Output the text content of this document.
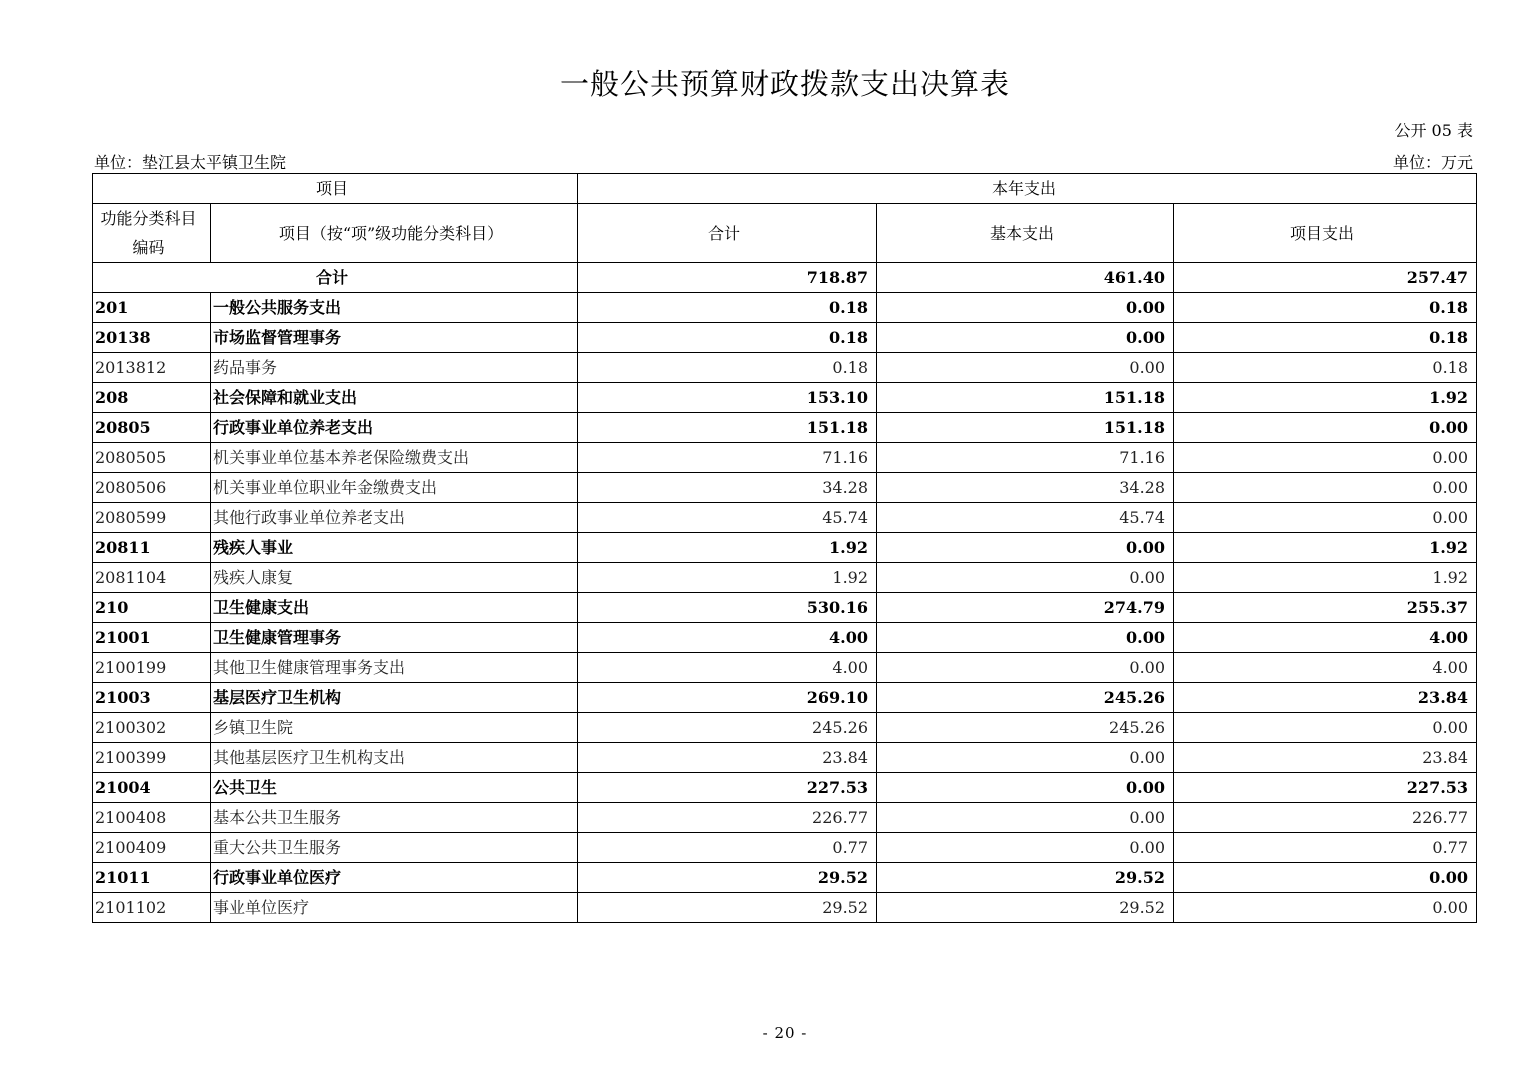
一般公共预算财政拨款支出决算表
公开 05 表
单位：垫江县太平镇卫生院	单位：万元
项目		本年支出		
功能分类科目编码	项目（按“项”级功能分类科目）	合计	基本支出	项目支出
合计		718.87	461.40	257.47
201	一般公共服务支出	0.18	0.00	0.18
20138	市场监督管理事务	0.18	0.00	0.18
2013812	药品事务	0.18	0.00	0.18
208	社会保障和就业支出	153.10	151.18	1.92
20805	行政事业单位养老支出	151.18	151.18	0.00
2080505	机关事业单位基本养老保险缴费支出	71.16	71.16	0.00
2080506	机关事业单位职业年金缴费支出	34.28	34.28	0.00
2080599	其他行政事业单位养老支出	45.74	45.74	0.00
20811	残疾人事业	1.92	0.00	1.92
2081104	残疾人康复	1.92	0.00	1.92
210	卫生健康支出	530.16	274.79	255.37
21001	卫生健康管理事务	4.00	0.00	4.00
2100199	其他卫生健康管理事务支出	4.00	0.00	4.00
21003	基层医疗卫生机构	269.10	245.26	23.84
2100302	乡镇卫生院	245.26	245.26	0.00
2100399	其他基层医疗卫生机构支出	23.84	0.00	23.84
21004	公共卫生	227.53	0.00	227.53
2100408	基本公共卫生服务	226.77	0.00	226.77
2100409	重大公共卫生服务	0.77	0.00	0.77
21011	行政事业单位医疗	29.52	29.52	0.00
2101102	事业单位医疗	29.52	29.52	0.00
- 20 -
